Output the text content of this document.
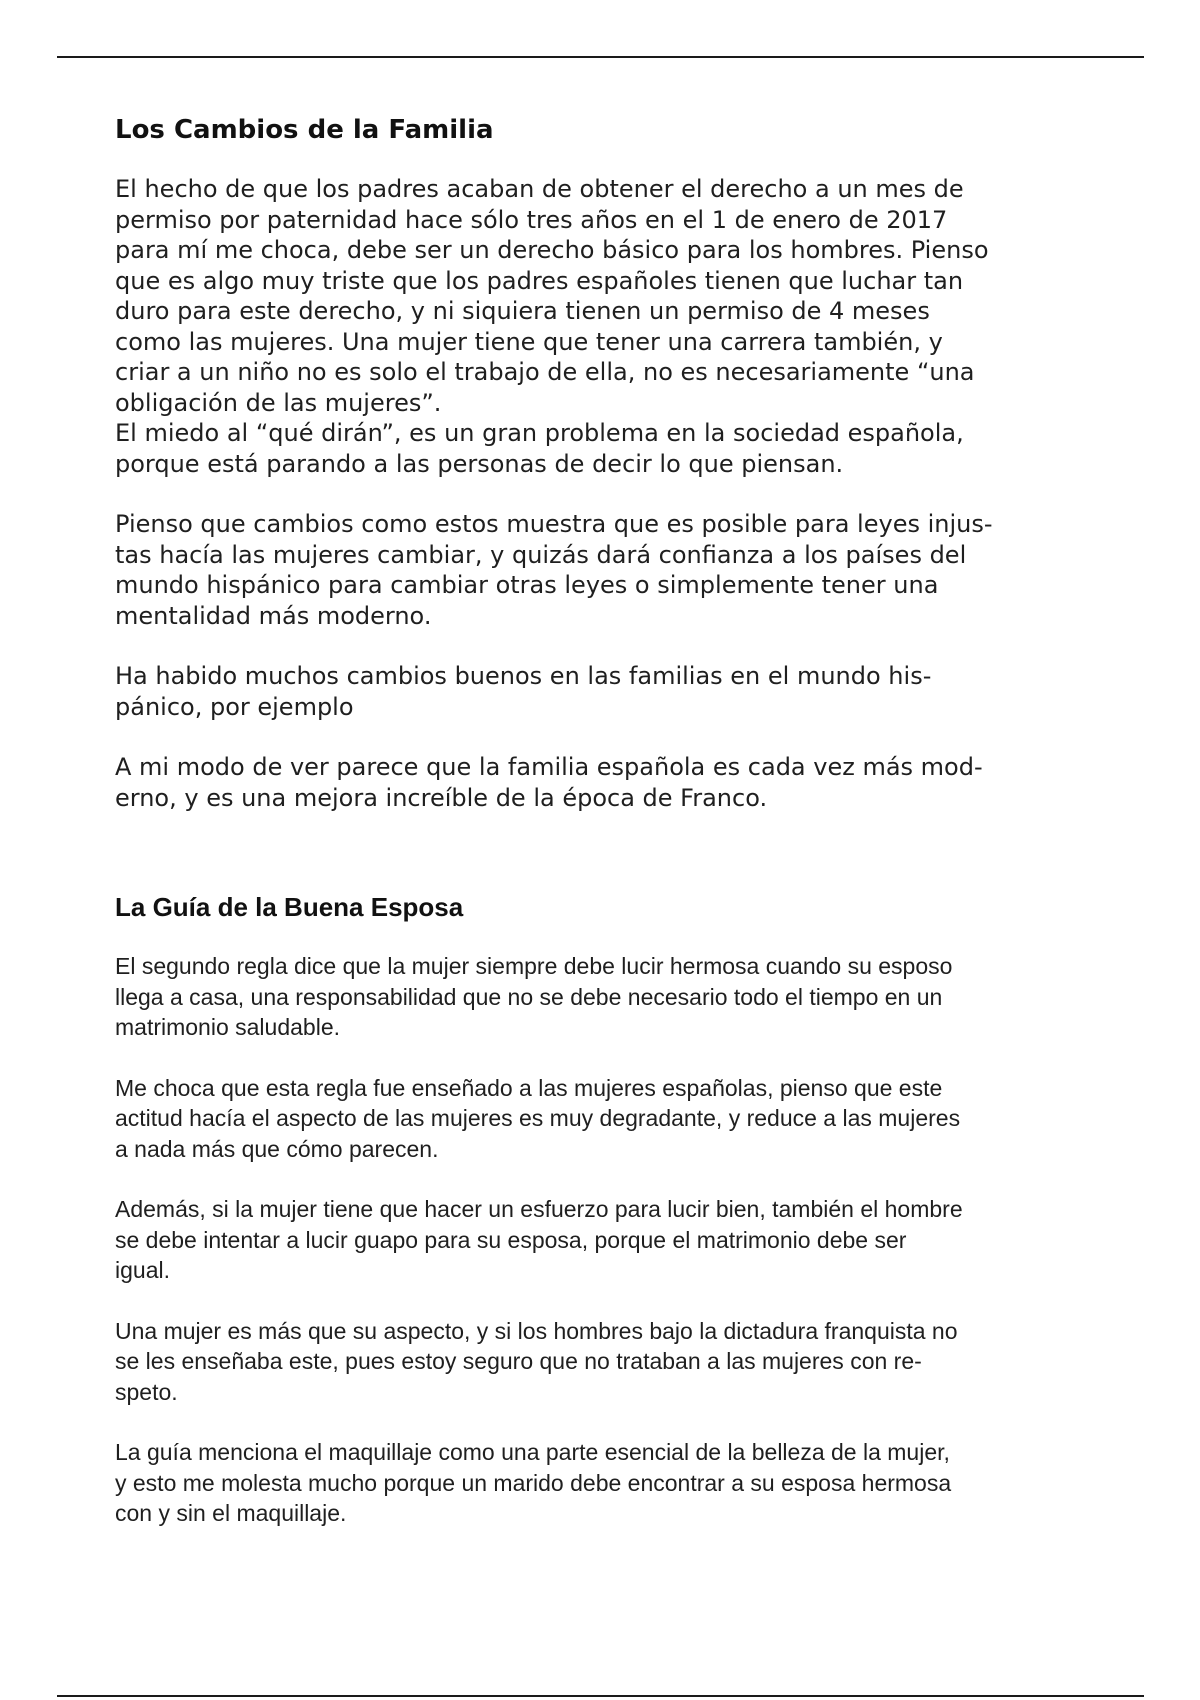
Los Cambios de la Familia

El hecho de que los padres acaban de obtener el derecho a un mes de
permiso por paternidad hace sólo tres años en el 1 de enero de 2017
para mí me choca, debe ser un derecho básico para los hombres. Pienso
que es algo muy triste que los padres españoles tienen que luchar tan
duro para este derecho, y ni siquiera tienen un permiso de 4 meses
como las mujeres. Una mujer tiene que tener una carrera también, y
criar a un niño no es solo el trabajo de ella, no es necesariamente “una
obligación de las mujeres”.
El miedo al “qué dirán”, es un gran problema en la sociedad española,
porque está parando a las personas de decir lo que piensan.

Pienso que cambios como estos muestra que es posible para leyes injus-
tas hacía las mujeres cambiar, y quizás dará confianza a los países del
mundo hispánico para cambiar otras leyes o simplemente tener una
mentalidad más moderno.

Ha habido muchos cambios buenos en las familias en el mundo his-
pánico, por ejemplo

A mi modo de ver parece que la familia española es cada vez más mod-
erno, y es una mejora increíble de la época de Franco.

La Guía de la Buena Esposa

El segundo regla dice que la mujer siempre debe lucir hermosa cuando su esposo
llega a casa, una responsabilidad que no se debe necesario todo el tiempo en un
matrimonio saludable.

Me choca que esta regla fue enseñado a las mujeres españolas, pienso que este
actitud hacía el aspecto de las mujeres es muy degradante, y reduce a las mujeres
a nada más que cómo parecen.

Además, si la mujer tiene que hacer un esfuerzo para lucir bien, también el hombre
se debe intentar a lucir guapo para su esposa, porque el matrimonio debe ser
igual.

Una mujer es más que su aspecto, y si los hombres bajo la dictadura franquista no
se les enseñaba este, pues estoy seguro que no trataban a las mujeres con re-
speto.

La guía menciona el maquillaje como una parte esencial de la belleza de la mujer,
y esto me molesta mucho porque un marido debe encontrar a su esposa hermosa
con y sin el maquillaje.
